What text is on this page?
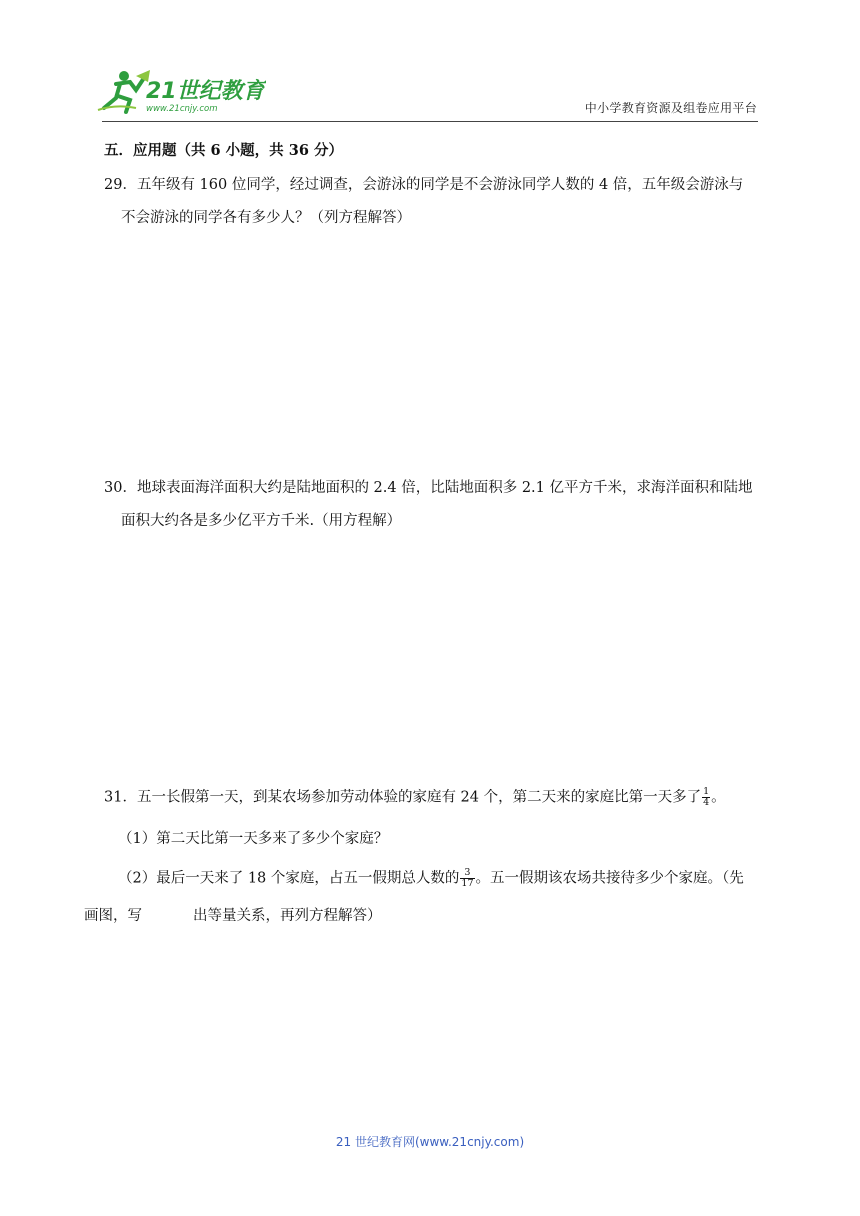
21世纪教育
www.21cnjy.com	中小学教育资源及组卷应用平台
五．应用题（共 6 小题，共 36 分）
29．五年级有 160 位同学，经过调查，会游泳的同学是不会游泳同学人数的 4 倍，五年级会游泳与
不会游泳的同学各有多少人？（列方程解答）
30．地球表面海洋面积大约是陆地面积的 2.4 倍，比陆地面积多 2.1 亿平方千米，求海洋面积和陆地
面积大约各是多少亿平方千米.（用方程解）
31．五一长假第一天，到某农场参加劳动体验的家庭有 24 个，第二天来的家庭比第一天多了 $\frac{1}{4}$ 。
（1）第二天比第一天多来了多少个家庭？
（2）最后一天来了 18 个家庭，占五一假期总人数的 $\frac{3}{17}$ 。五一假期该农场共接待多少个家庭。（先
画图，写	出等量关系，再列方程解答）
21 世纪教育网(www.21cnjy.com)
